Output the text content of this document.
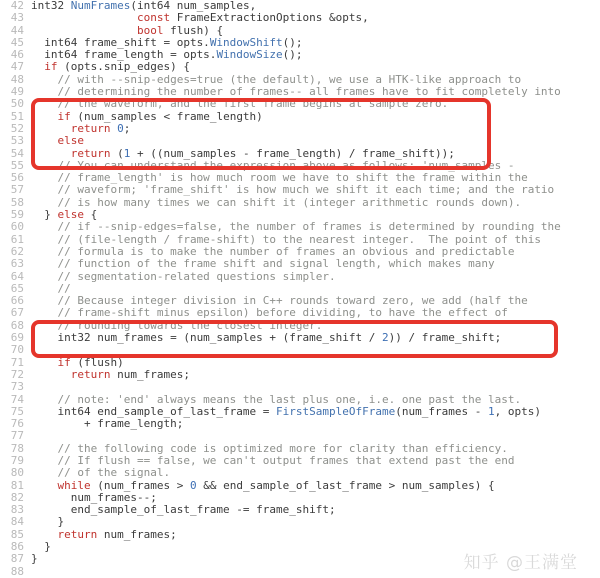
42 int32 NumFrames(int64 num_samples,
43	const FrameExtractionOptions &opts,
44	bool flush) {
45 int64 frame_shift = opts.WindowShift();
46 int64 frame_length = opts.WindowSize();
47	if (opts.snip_edges) {
48 // with --snip-edges=true (the default), we use a HTK-like approach to
49 // determining the number of frames-- all frames have to fit completely into
50 // the waveform, and the first frame begins at sample zero.
51	if (num_samples < frame_length)
52	return 0;
53	else
54	return (1 + ((num_samples - frame_length) / frame_shift));
55 // You can understand the expression above as follows: 'num_samples -
56 // frame_length' is how much room we have to shift the frame within the
57 // waveform; 'frame_shift' is how much we shift it each time; and the ratio
58 // is how many times we can shift it (integer arithmetic rounds down).
59 } else {
60 // if --snip-edges=false, the number of frames is determined by rounding the
61 // (file-length / frame-shift) to the nearest integer.  The point of this
62 // formula is to make the number of frames an obvious and predictable
63 // function of the frame shift and signal length, which makes many
64 // segmentation-related questions simpler.
65 //
66 // Because integer division in C++ rounds toward zero, we add (half the
67 // frame-shift minus epsilon) before dividing, to have the effect of
68 // rounding towards the closest integer.
69 int32 num_frames = (num_samples + (frame_shift / 2)) / frame_shift;
70
71	if (flush)
72	return num_frames;
73
74 // note: 'end' always means the last plus one, i.e. one past the last.
75 int64 end_sample_of_last_frame = FirstSampleOfFrame(num_frames - 1, opts)
76 + frame_length;
77
78 // the following code is optimized more for clarity than efficiency.
79 // If flush == false, we can't output frames that extend past the end
80 // of the signal.
81	while (num_frames > 0 && end_sample_of_last_frame > num_samples) {
82 num_frames--;
83 end_sample_of_last_frame -= frame_shift;
84 }
85	return num_frames;
86 }
87 }
88	知乎 @王满堂
